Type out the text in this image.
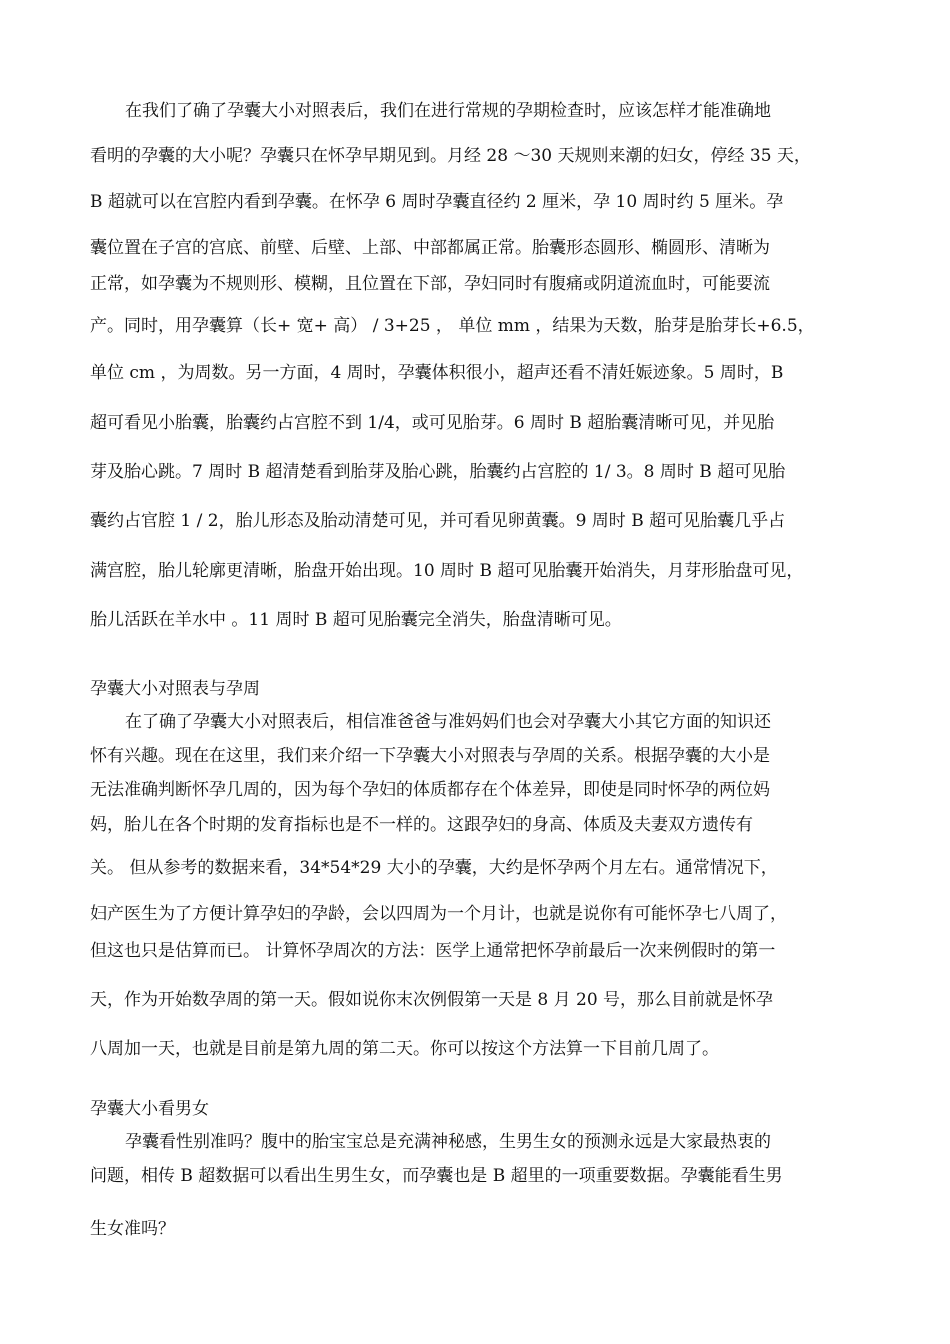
在我们了确了孕囊大小对照表后，我们在进行常规的孕期检查时，应该怎样才能准确地
看明的孕囊的大小呢？孕囊只在怀孕早期见到。月经 28 ～30 天规则来潮的妇女，停经 35 天，
B 超就可以在宫腔内看到孕囊。在怀孕 6 周时孕囊直径约 2 厘米，孕 10 周时约 5 厘米。孕
囊位置在子宫的宫底、前壁、后壁、上部、中部都属正常。胎囊形态圆形、椭圆形、清晰为
正常，如孕囊为不规则形、模糊，且位置在下部，孕妇同时有腹痛或阴道流血时，可能要流
产。同时，用孕囊算（长+ 宽+ 高） / 3+25 ， 单位 mm ，结果为天数，胎芽是胎芽长+6.5，
单位 cm ，为周数。另一方面，4 周时，孕囊体积很小，超声还看不清妊娠迹象。5 周时，B
超可看见小胎囊，胎囊约占宫腔不到 1/4，或可见胎芽。6 周时 B 超胎囊清晰可见，并见胎
芽及胎心跳。7 周时 B 超清楚看到胎芽及胎心跳，胎囊约占宫腔的 1/ 3。8 周时 B 超可见胎
囊约占官腔 1 / 2，胎儿形态及胎动清楚可见，并可看见卵黄囊。9 周时 B 超可见胎囊几乎占
满宫腔，胎儿轮廓更清晰，胎盘开始出现。10 周时 B 超可见胎囊开始消失，月芽形胎盘可见，
胎儿活跃在羊水中 。11 周时 B 超可见胎囊完全消失，胎盘清晰可见。
孕囊大小对照表与孕周
在了确了孕囊大小对照表后，相信准爸爸与准妈妈们也会对孕囊大小其它方面的知识还
怀有兴趣。现在在这里，我们来介绍一下孕囊大小对照表与孕周的关系。根据孕囊的大小是
无法准确判断怀孕几周的，因为每个孕妇的体质都存在个体差异，即使是同时怀孕的两位妈
妈，胎儿在各个时期的发育指标也是不一样的。这跟孕妇的身高、体质及夫妻双方遗传有
关。 但从参考的数据来看，34*54*29 大小的孕囊，大约是怀孕两个月左右。通常情况下，
妇产医生为了方便计算孕妇的孕龄，会以四周为一个月计，也就是说你有可能怀孕七八周了，
但这也只是估算而已。 计算怀孕周次的方法：医学上通常把怀孕前最后一次来例假时的第一
天，作为开始数孕周的第一天。假如说你末次例假第一天是 8 月 20 号，那么目前就是怀孕
八周加一天，也就是目前是第九周的第二天。你可以按这个方法算一下目前几周了。
孕囊大小看男女
孕囊看性别准吗？腹中的胎宝宝总是充满神秘感，生男生女的预测永远是大家最热衷的
问题，相传 B 超数据可以看出生男生女，而孕囊也是 B 超里的一项重要数据。孕囊能看生男
生女准吗？
